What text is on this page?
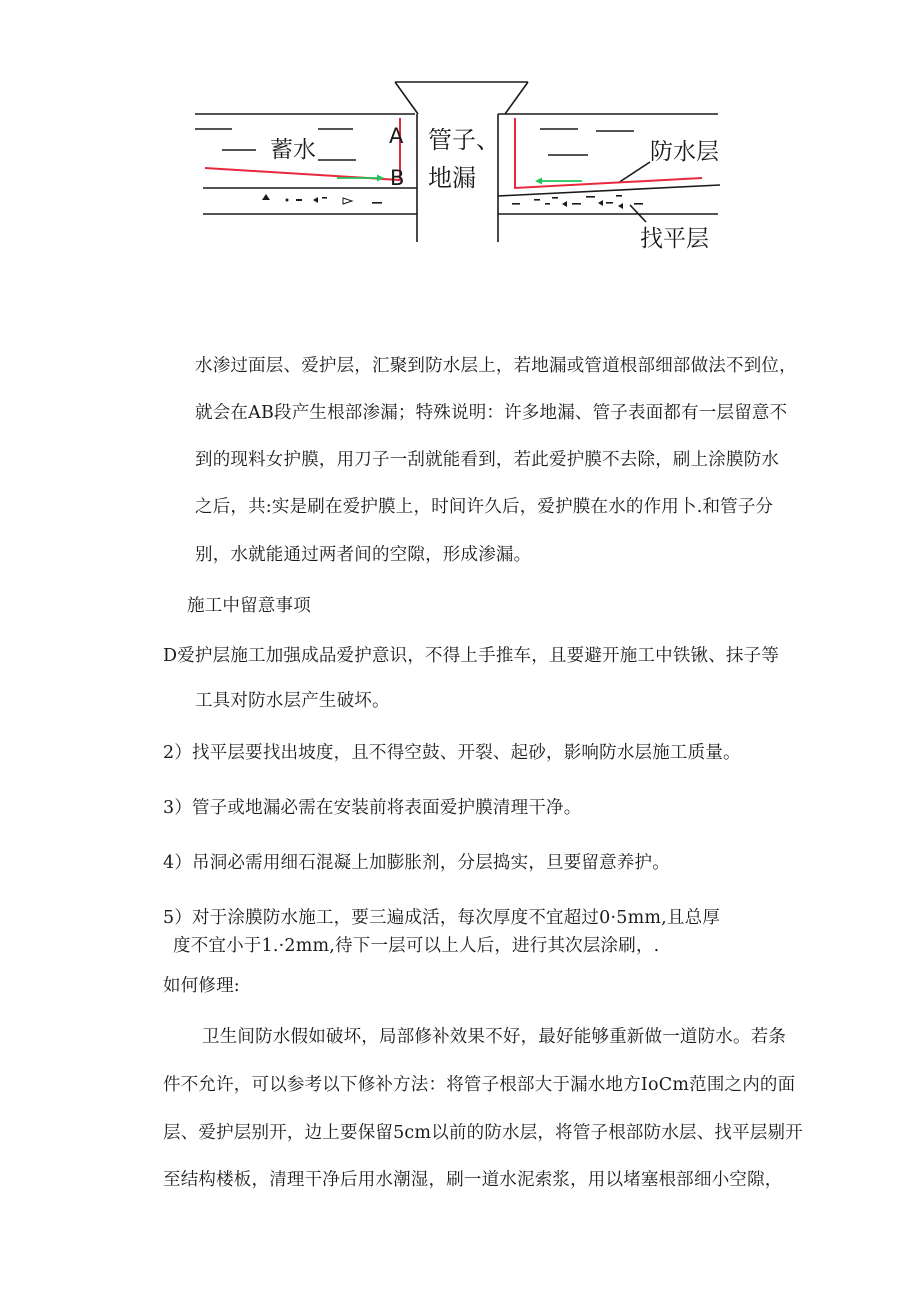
蓄水
A
B
管子、
地漏
防水层
找平层
水渗过面层、爱护层，汇聚到防水层上，若地漏或管道根部细部做法不到位，
就会在AB段产生根部渗漏；特殊说明：许多地漏、管子表面都有一层留意不
到的现料女护膜，用刀子一刮就能看到，若此爱护膜不去除，刷上涂膜防水
之后，共:实是刷在爱护膜上，时间许久后，爱护膜在水的作用卜.和管子分
别，水就能通过两者间的空隙，形成渗漏。
施工中留意事项
D爱护层施工加强成品爱护意识，不得上手推车，且要避开施工中铁锹、抹子等
工具对防水层产生破坏。
2）找平层要找出坡度，且不得空鼓、开裂、起砂，影响防水层施工质量。
3）管子或地漏必需在安装前将表面爱护膜清理干净。
4）吊洞必需用细石混凝上加膨胀剂，分层捣实，旦要留意养护。
5）对于涂膜防水施工，要三遍成活，每次厚度不宜超过0·5mm,且总厚
度不宜小于1.·2mm,待下一层可以上人后，进行其次层涂刷，.
如何修理:
卫生间防水假如破坏，局部修补效果不好，最好能够重新做一道防水。若条
件不允许，可以参考以下修补方法：将管子根部大于漏水地方IoCm范围之内的面
层、爱护层别开，边上要保留5cm以前的防水层，将管子根部防水层、找平层剔开
至结构楼板，清理干净后用水潮湿，刷一道水泥索浆，用以堵塞根部细小空隙，
